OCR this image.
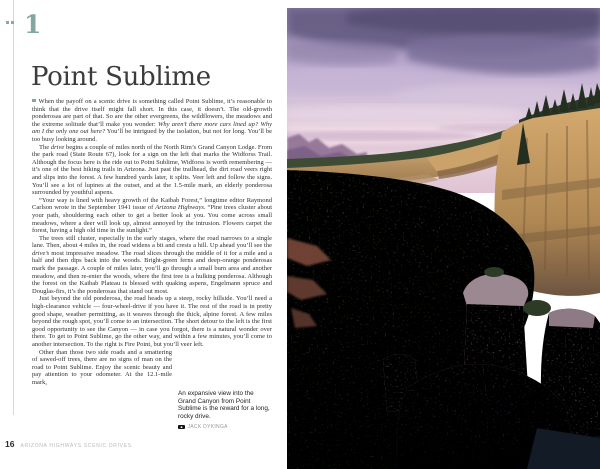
1
Point Sublime

When the payoff on a scenic drive is something called Point Sublime, it’s reasonable to think that the drive itself might fall short. In this case, it doesn’t. The old-growth ponderosas are part of that. So are the other evergreens, the wildflowers, the meadows and the extreme solitude that’ll make you wonder: Why aren’t there more cars lined up? Why am I the only one out here? You’ll be intrigued by the isolation, but not for long. You’ll be too busy looking around.

The drive begins a couple of miles north of the North Rim’s Grand Canyon Lodge. From the park road (State Route 67), look for a sign on the left that marks the Widforss Trail. Although the focus here is the ride out to Point Sublime, Widforss is worth remembering — it’s one of the best hiking trails in Arizona. Just past the trailhead, the dirt road veers right and slips into the forest. A few hundred yards later, it splits. Veer left and follow the signs. You’ll see a lot of lupines at the outset, and at the 1.5-mile mark, an elderly ponderosa surrounded by youthful aspens.

“Your way is lined with heavy growth of the Kaibab Forest,” longtime editor Raymond Carlson wrote in the September 1941 issue of Arizona Highways. “Pine trees cluster about your path, shouldering each other to get a better look at you. You come across small meadows, where a deer will look up, almost annoyed by the intrusion. Flowers carpet the forest, having a high old time in the sunlight.”

The trees still cluster, especially in the early stages, where the road narrows to a single lane. Then, about 4 miles in, the road widens a bit and crests a hill. Up ahead you’ll see the drive’s most impressive meadow. The road slices through the middle of it for a mile and a half and then dips back into the woods. Bright-green ferns and deep-orange ponderosas mark the passage. A couple of miles later, you’ll go through a small burn area and another meadow, and then re-enter the woods, where the first tree is a hulking ponderosa. Although the forest on the Kaibab Plateau is blessed with quaking aspens, Engelmann spruce and Douglas-firs, it’s the ponderosas that stand out most.

Just beyond the old ponderosa, the road heads up a steep, rocky hillside. You’ll need a high-clearance vehicle — four-wheel-drive if you have it. The rest of the road is in pretty good shape, weather permitting, as it weaves through the thick, alpine forest. A few miles beyond the rough spot, you’ll come to an intersection. The short detour to the left is the first good opportunity to see the Canyon — in case you forgot, there is a natural wonder over there. To get to Point Sublime, go the other way, and within a few minutes, you’ll come to another intersection. To the right is Fire Point, but you’ll veer left.

Other than those two side roads and a smattering of sawed-off trees, there are no signs of man on the road to Point Sublime. Enjoy the scenic beauty and pay attention to your odometer. At the 12.1-mile mark,

An expansive view into the Grand Canyon from Point Sublime is the reward for a long, rocky drive.
JACK DYKINGA
16 ARIZONA HIGHWAYS SCENIC DRIVES
